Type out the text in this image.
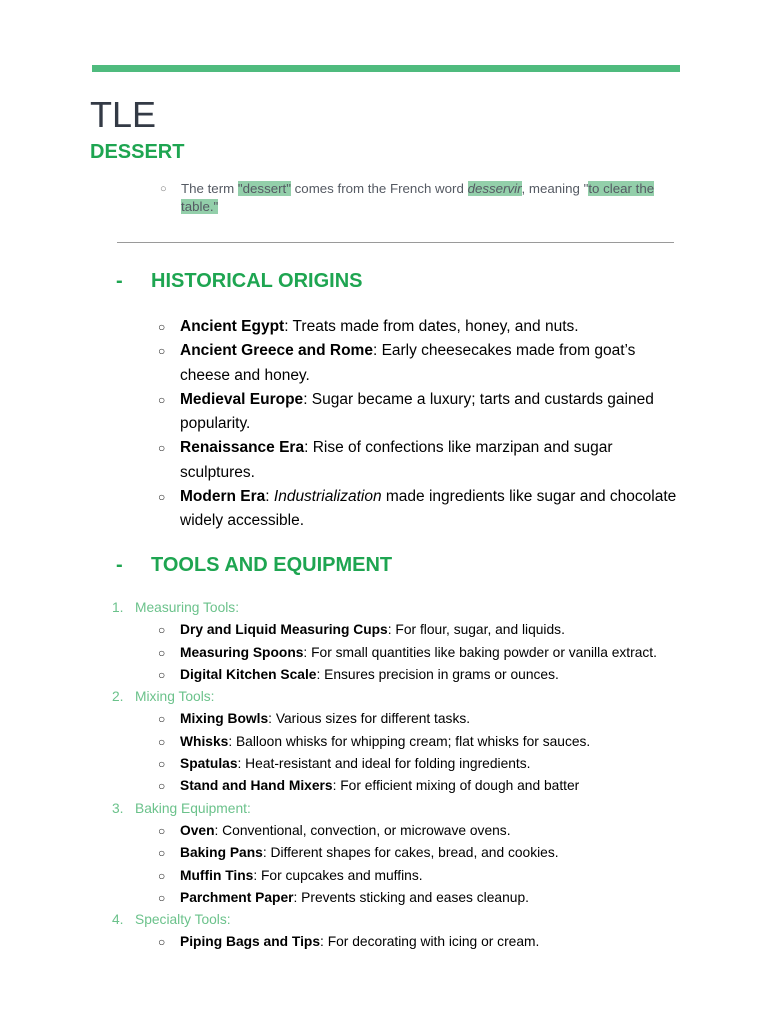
TLE
DESSERT
○ The term "dessert" comes from the French word desservir, meaning "to clear the table."
- HISTORICAL ORIGINS
○ Ancient Egypt: Treats made from dates, honey, and nuts.
○ Ancient Greece and Rome: Early cheesecakes made from goat’s cheese and honey.
○ Medieval Europe: Sugar became a luxury; tarts and custards gained popularity.
○ Renaissance Era: Rise of confections like marzipan and sugar sculptures.
○ Modern Era: Industrialization made ingredients like sugar and chocolate widely accessible.
- TOOLS AND EQUIPMENT
1. Measuring Tools:
○ Dry and Liquid Measuring Cups: For flour, sugar, and liquids.
○ Measuring Spoons: For small quantities like baking powder or vanilla extract.
○ Digital Kitchen Scale: Ensures precision in grams or ounces.
2. Mixing Tools:
○ Mixing Bowls: Various sizes for different tasks.
○ Whisks: Balloon whisks for whipping cream; flat whisks for sauces.
○ Spatulas: Heat-resistant and ideal for folding ingredients.
○ Stand and Hand Mixers: For efficient mixing of dough and batter
3. Baking Equipment:
○ Oven: Conventional, convection, or microwave ovens.
○ Baking Pans: Different shapes for cakes, bread, and cookies.
○ Muffin Tins: For cupcakes and muffins.
○ Parchment Paper: Prevents sticking and eases cleanup.
4. Specialty Tools:
○ Piping Bags and Tips: For decorating with icing or cream.
